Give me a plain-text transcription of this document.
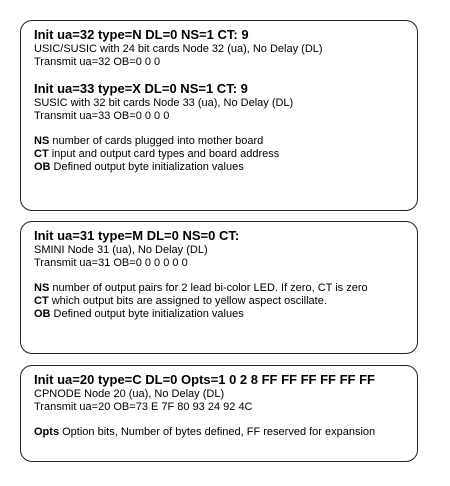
Init ua=32 type=N DL=0 NS=1 CT: 9
USIC/SUSIC with 24 bit cards Node 32 (ua), No Delay (DL)
Transmit ua=32 OB=0 0 0
Init ua=33 type=X DL=0 NS=1 CT: 9
SUSIC with 32 bit cards Node 33 (ua), No Delay (DL)
Transmit ua=33 OB=0 0 0 0
NS number of cards plugged into mother board
CT input and output card types and board address
OB Defined output byte initialization values
Init ua=31 type=M DL=0 NS=0 CT:
SMINI Node 31 (ua), No Delay (DL)
Transmit ua=31 OB=0 0 0 0 0 0
NS number of output pairs for 2 lead bi-color LED. If zero, CT is zero
CT which output bits are assigned to yellow aspect oscillate.
OB Defined output byte initialization values
Init ua=20 type=C DL=0 Opts=1 0 2 8 FF FF FF FF FF FF
CPNODE Node 20 (ua), No Delay (DL)
Transmit ua=20 OB=73 E 7F 80 93 24 92 4C
Opts Option bits, Number of bytes defined, FF reserved for expansion
